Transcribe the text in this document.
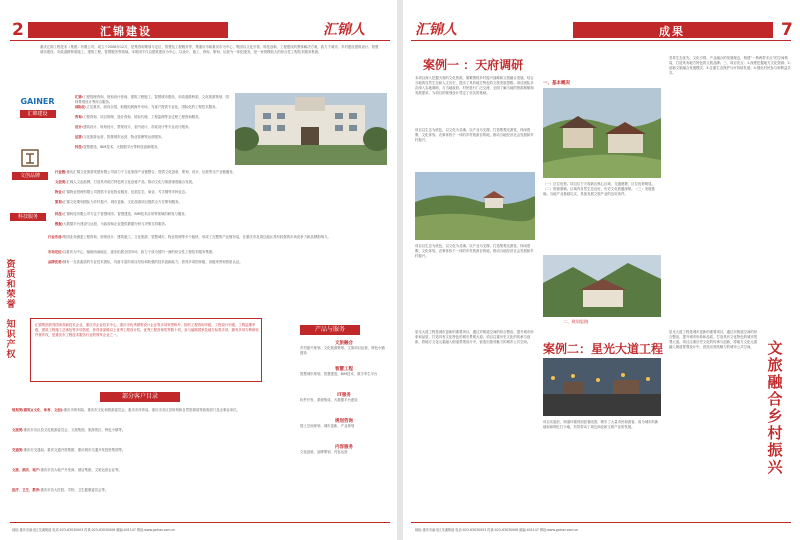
2	汇锦建设	汇锦人
重庆汇锦工程技术（集团）有限公司，成立于2008年12月，是集咨询策划与定位、智慧及工程服务等，集重庆市和重庆市为中心，集团以文化引领、科技创新、工程建设的整体解决方案，致力于城市、乡村建设建筑设计、智慧城市建设、市政道路桥梁施工、建筑工程、智慧服务等领域。本集团不仅以建筑建设为中心，以设计、施工、咨询、策划、运营为一体化服务，是一家规模较大的综合性工程技术服务集团。
GAINER
汇锦建设
汇锦:工程管理咨询、规划设计咨询、建筑工程施工、智慧城市建设、市政道路桥梁、文化旅游策划、园林景观设计等综合服务。
国际化:立足重庆，面向全国，积极拓展海外市场，为客户提供专业化、国际化的工程技术服务。
咨询:工程咨询、项目管理、造价咨询、招标代理、工程监理等全过程工程咨询服务。
设计:建筑设计、规划设计、景观设计、室内设计、市政设计等专业设计服务。
运营:文化旅游运营、智慧城市运营、物业管理等运营服务。
科技:智慧建造、BIM技术、大数据平台等科技创新服务。
文创品牌
行业链:重庆汇锦文化旅游发展有限公司致力于文化旅游产业链整合，提供文化创意、策划、设计、运营等全产业链服务。
文创类:汇锦人文创品牌，打造具有地方特色的文化创意产品，推动文化与旅游深度融合发展。
物业:汇锦物业管理有限公司提供专业化物业服务，包括住宅、商业、写字楼等多种业态。
策划:汇锦文化策划团队为乡村振兴、城市更新、文化旅游项目提供全方位策划服务。
科技服务	科技:汇锦科技有限公司专注于智慧城市、智慧建造、BIM技术应用等领域的研发与服务。
数据:大数据平台建设与运营，为政府和企业提供数据分析与决策支持服务。
行业布局:集团业务涵盖工程咨询、规划设计、建筑施工、文化旅游、智慧城市、物业管理等多个板块，形成了完整的产业链布局，在重庆市及周边地区具有较强的市场竞争力和品牌影响力。
市场定位:以重庆为中心，辐射西南地区，逐步拓展全国市场，致力于成为国内一流的综合性工程技术服务集团。
品牌优势:拥有一支高素质的专业技术团队，具备丰富的项目经验和较强的技术创新能力，获得多项国家级、省级荣誉和资质认证。
资质和荣誉
知识产权
汇锦集团获得国家高新技术企业、重庆市企业技术中心、重庆市优秀勘察设计企业等多项荣誉称号，拥有工程咨询甲级、工程设计甲级、工程监理甲级、建筑工程施工总承包等多项资质，获得省部级以上优秀工程设计奖、优秀工程咨询奖等数十项，参与编制国家及地方标准多项，拥有多项专利和软件著作权，是重庆市工程技术服务行业的领军企业之一。
产品与服务
文旅融合
乡村振兴规划、文化旅游策划、文旅项目运营、特色小镇建设
智慧工程
智慧城市规划、智慧建造、BIM技术、数字孪生平台
IT服务
软件开发、系统集成、大数据平台建设
规划咨询
国土空间规划、城市更新、产业规划
内容服务
文化创意、品牌策划、内容运营
部分客户目录
规划类(建筑)(文化、体育、文创):重庆市规划局、重庆市文化和旅游委员会、重庆市体育局、重庆市各区县规划和自然资源局等政府部门及企事业单位。
文旅类:重庆市各区县文化旅游委员会、文旅集团、旅游景区、特色小镇等。
交通类:重庆市交通局、重庆交通开投集团、重庆城市交通开发投资集团等。
文旅、酒店、地产:重庆市各大地产开发商、酒店集团、文旅运营企业等。
医疗、卫生、教育:重庆市各大医院、学校、卫生健康委员会等。
地址:重庆市渝北区龙溪街道 电话:023-63030003 传真:023-63030006 邮编:401147 网址:www.gainer.com.cn
汇锦人	成果	7
案例一 ：天府调研
本项目深入挖掘天府的文化资源，紧紧围绕乡村振兴战略和文旅融合发展，结合当地的自然生态和人文历史，提出了具有地方特色的文旅发展思路。项目团队多次深入实地调研，与当地政府、村民进行广泛交流，全面了解当地的资源禀赋和发展需求，为项目的规划设计奠定了坚实的基础。
项目以生态为底色、以文化为灵魂、以产业为支撑，打造集观光游览、休闲度假、文化体验、农事体验于一体的乡村旅游目的地，推动当地经济社会发展和乡村振兴。
项目以生态为底色、以文化为灵魂、以产业为支撑，打造集观光游览、休闲度假、文化体验、农事体验于一体的乡村旅游目的地，推动当地经济社会发展和乡村振兴。
一、基本概况
（一）区位优势。项目位于天府新区核心区域，交通便捷，区位优势明显。（二）资源禀赋。区域内自然生态良好，历史文化底蕴深厚。（三）发展基础。当地产业基础扎实，具备发展文旅产业的良好条件。
二、规划思路
坚持生态优先、文化引领、产业融合的发展理念，构建“一核两带多点”的空间格局，打造具有地方特色的文旅品牌。三、项目亮点：1.深度挖掘地方文化资源；2.创新文旅融合发展模式；3.注重生态保护与可持续发展；4.强化村民参与和利益共享。
案例二：星光大道工程
星光大道工程是城市更新的重要项目，通过对街道空间的综合整治，提升城市形象和品质，打造具有文化特色的城市景观大道。项目注重历史文化的传承与创新，将地方文化元素融入街道景观设计中，营造出独具魅力的城市公共空间。
项目实施后，街道环境得到显著改善，吸引了大量市民和游客，成为城市的新地标和网红打卡地，有效带动了周边商业和文旅产业的发展。
星光大道工程是城市更新的重要项目，通过对街道空间的综合整治，提升城市形象和品质，打造具有文化特色的城市景观大道。项目注重历史文化的传承与创新，将地方文化元素融入街道景观设计中，营造出独具魅力的城市公共空间。 文旅融合乡村振兴
地址:重庆市渝北区龙溪街道 电话:023-63030003 传真:023-63030006 邮编:401147 网址:www.gainer.com.cn
